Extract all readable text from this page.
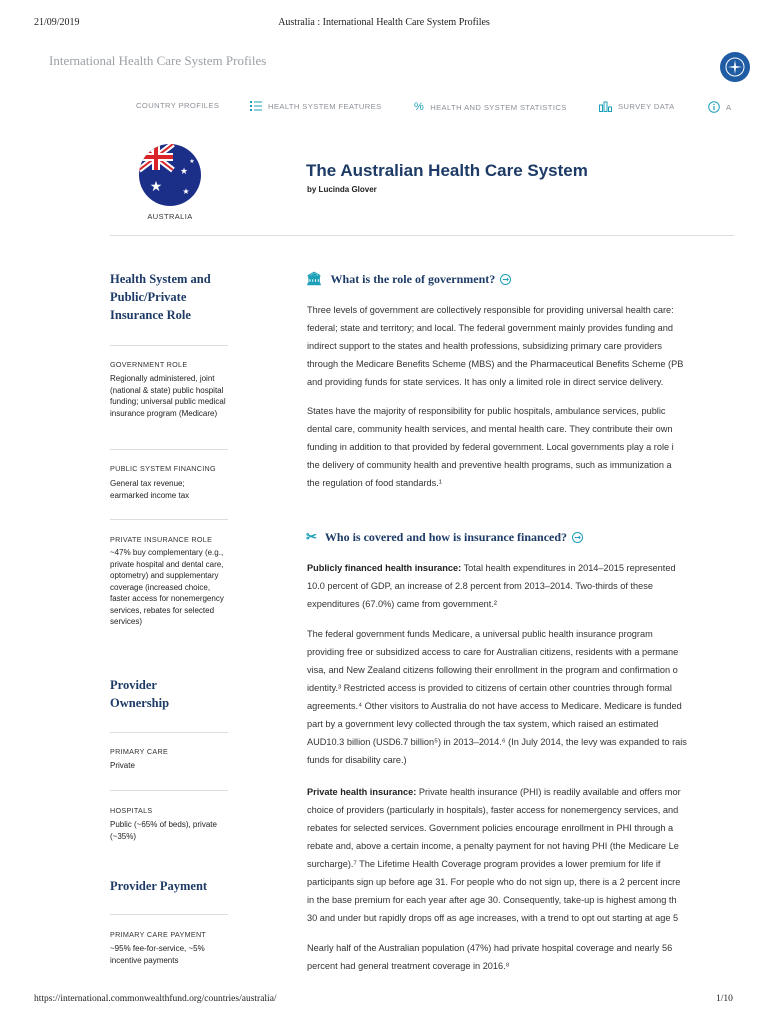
21/09/2019	Australia : International Health Care System Profiles
International Health Care System Profiles
COUNTRY PROFILES	HEALTH SYSTEM FEATURES	% HEALTH AND SYSTEM STATISTICS	SURVEY DATA	A
★
★
★
★
AUSTRALIA
The Australian Health Care System
by Lucinda Glover
Health System and Public/Private Insurance Role
GOVERNMENT ROLE
Regionally administered, joint (national & state) public hospital funding; universal public medical insurance program (Medicare)
PUBLIC SYSTEM FINANCING
General tax revenue; earmarked income tax
PRIVATE INSURANCE ROLE
~47% buy complementary (e.g., private hospital and dental care, optometry) and supplementary coverage (increased choice, faster access for nonemergency services, rebates for selected services)
Provider Ownership
PRIMARY CARE
Private
HOSPITALS
Public (~65% of beds), private (~35%)
Provider Payment
PRIMARY CARE PAYMENT
~95% fee-for-service, ~5% incentive payments
🏛 What is the role of government? →

Three levels of government are collectively responsible for providing universal health care:
federal; state and territory; and local. The federal government mainly provides funding and
indirect support to the states and health professions, subsidizing primary care providers
through the Medicare Benefits Scheme (MBS) and the Pharmaceutical Benefits Scheme (PB
and providing funds for state services. It has only a limited role in direct service delivery.

States have the majority of responsibility for public hospitals, ambulance services, public
dental care, community health services, and mental health care. They contribute their own
funding in addition to that provided by federal government. Local governments play a role i
the delivery of community health and preventive health programs, such as immunization a
the regulation of food standards.¹

✂ Who is covered and how is insurance financed? →

Publicly financed health insurance: Total health expenditures in 2014–2015 represented
10.0 percent of GDP, an increase of 2.8 percent from 2013–2014. Two-thirds of these
expenditures (67.0%) came from government.²

The federal government funds Medicare, a universal public health insurance program
providing free or subsidized access to care for Australian citizens, residents with a permane
visa, and New Zealand citizens following their enrollment in the program and confirmation o
identity.³ Restricted access is provided to citizens of certain other countries through formal
agreements.⁴ Other visitors to Australia do not have access to Medicare. Medicare is funded
part by a government levy collected through the tax system, which raised an estimated
AUD10.3 billion (USD6.7 billion⁵) in 2013–2014.⁶ (In July 2014, the levy was expanded to rais
funds for disability care.)

Private health insurance: Private health insurance (PHI) is readily available and offers mor
choice of providers (particularly in hospitals), faster access for nonemergency services, and
rebates for selected services. Government policies encourage enrollment in PHI through a
rebate and, above a certain income, a penalty payment for not having PHI (the Medicare Le
surcharge).⁷ The Lifetime Health Coverage program provides a lower premium for life if
participants sign up before age 31. For people who do not sign up, there is a 2 percent incre
in the base premium for each year after age 30. Consequently, take-up is highest among th
30 and under but rapidly drops off as age increases, with a trend to opt out starting at age 5

Nearly half of the Australian population (47%) had private hospital coverage and nearly 56
percent had general treatment coverage in 2016.⁸

https://international.commonwealthfund.org/countries/australia/	1/10
